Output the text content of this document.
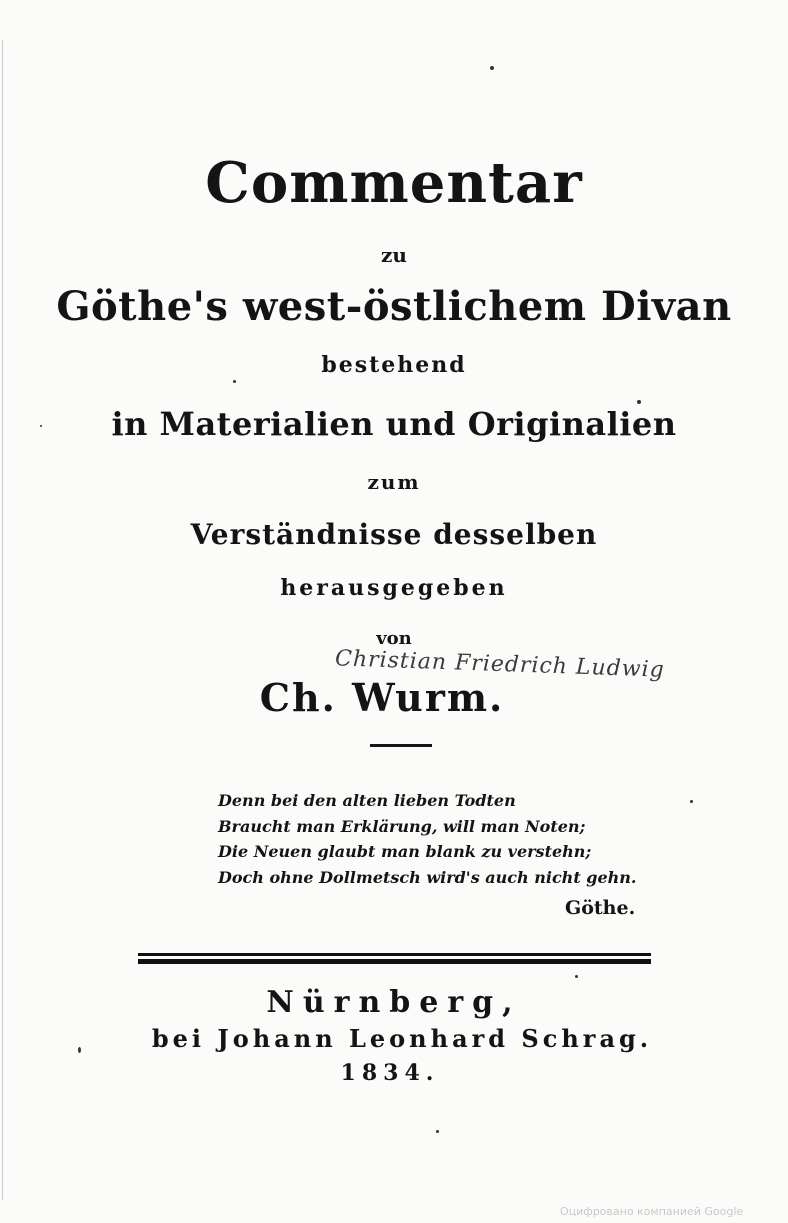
Commentar
zu
Göthe's west-östlichem Divan
bestehend
in Materialien und Originalien
zum
Verständnisse desselben
herausgegeben
von
Christian Friedrich Ludwig
Ch. Wurm.
Denn bei den alten lieben Todten
Braucht man Erklärung, will man Noten;
Die Neuen glaubt man blank zu verstehn;
Doch ohne Dollmetsch wird's auch nicht gehn.
Göthe.
Nürnberg,
bei Johann Leonhard Schrag.
1834.
Оцифровано компанией Google
